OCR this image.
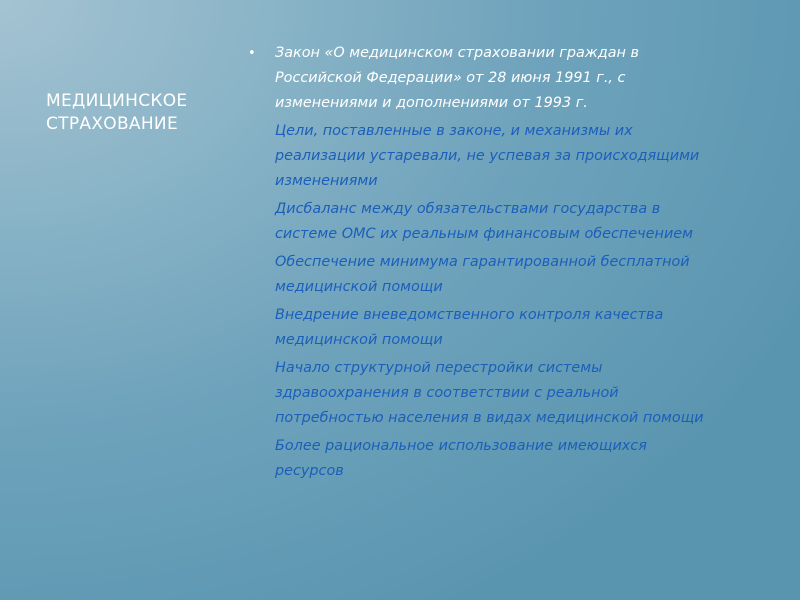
МЕДИЦИНСКОЕ СТРАХОВАНИЕ
•	Закон «О медицинском страховании граждан в Российской Федерации» от 28 июня 1991 г., с изменениями и дополнениями от 1993 г.
Цели, поставленные в законе, и механизмы их реализации устаревали, не успевая за происходящими изменениями
Дисбаланс между обязательствами государства в системе ОМС их реальным финансовым обеспечением
Обеспечение минимума гарантированной бесплатной медицинской помощи
Внедрение вневедомственного контроля качества медицинской помощи
Начало структурной перестройки системы здравоохранения в соответствии с реальной потребностью населения в видах медицинской помощи
Более рациональное использование имеющихся ресурсов
